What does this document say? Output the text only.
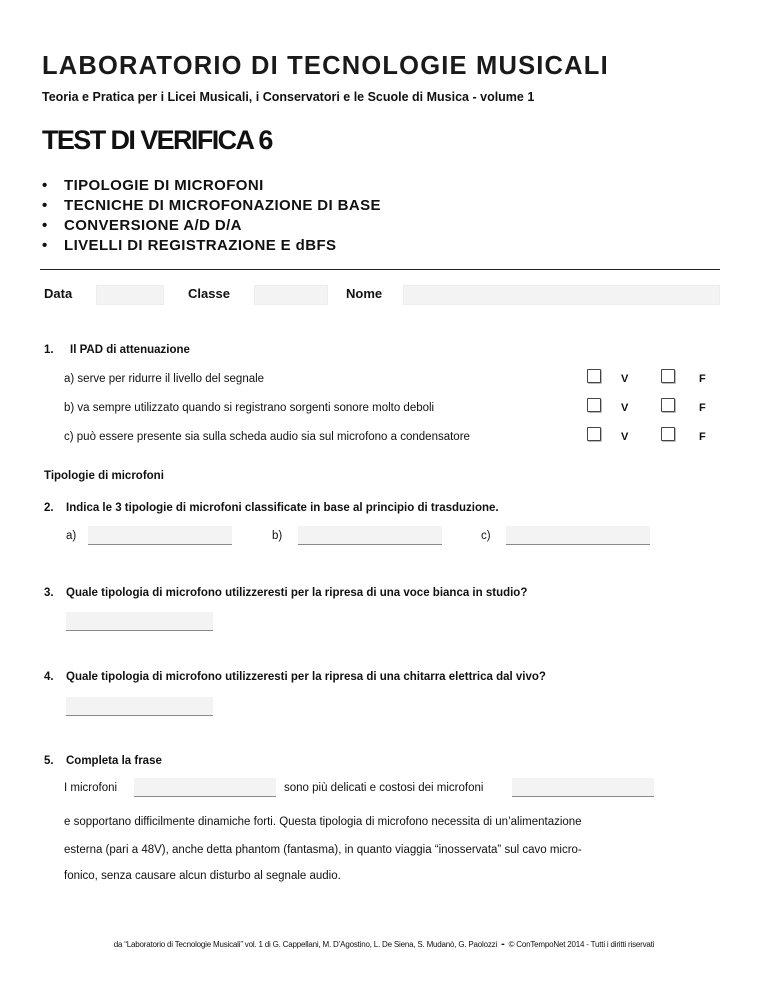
LABORATORIO DI TECNOLOGIE MUSICALI
Teoria e Pratica per i Licei Musicali, i Conservatori e le Scuole di Musica - volume 1
TEST DI VERIFICA 6
• TIPOLOGIE DI MICROFONI
• TECNICHE DI MICROFONAZIONE DI BASE
• CONVERSIONE A/D D/A
• LIVELLI DI REGISTRAZIONE E dBFS
Data	Classe	Nome
1. Il PAD di attenuazione
a) serve per ridurre il livello del segnale	V	F
b) va sempre utilizzato quando si registrano sorgenti sonore molto deboli	V	F
c) può essere presente sia sulla scheda audio sia sul microfono a condensatore	V	F
Tipologie di microfoni
2. Indica le 3 tipologie di microfoni classificate in base al principio di trasduzione.
a)	b)	c)
3. Quale tipologia di microfono utilizzeresti per la ripresa di una voce bianca in studio?
4. Quale tipologia di microfono utilizzeresti per la ripresa di una chitarra elettrica dal vivo?
5. Completa la frase
I microfoni	sono più delicati e costosi dei microfoni
e sopportano difficilmente dinamiche forti. Questa tipologia di microfono necessita di un’alimentazione
esterna (pari a 48V), anche detta phantom (fantasma), in quanto viaggia “inosservata” sul cavo micro-
fonico, senza causare alcun disturbo al segnale audio.
da “Laboratorio di Tecnologie Musicali” vol. 1 di G. Cappellani, M. D’Agostino, L. De Siena, S. Mudanò, G. Paolozzi - © ConTempoNet 2014 - Tutti i diritti riservati
